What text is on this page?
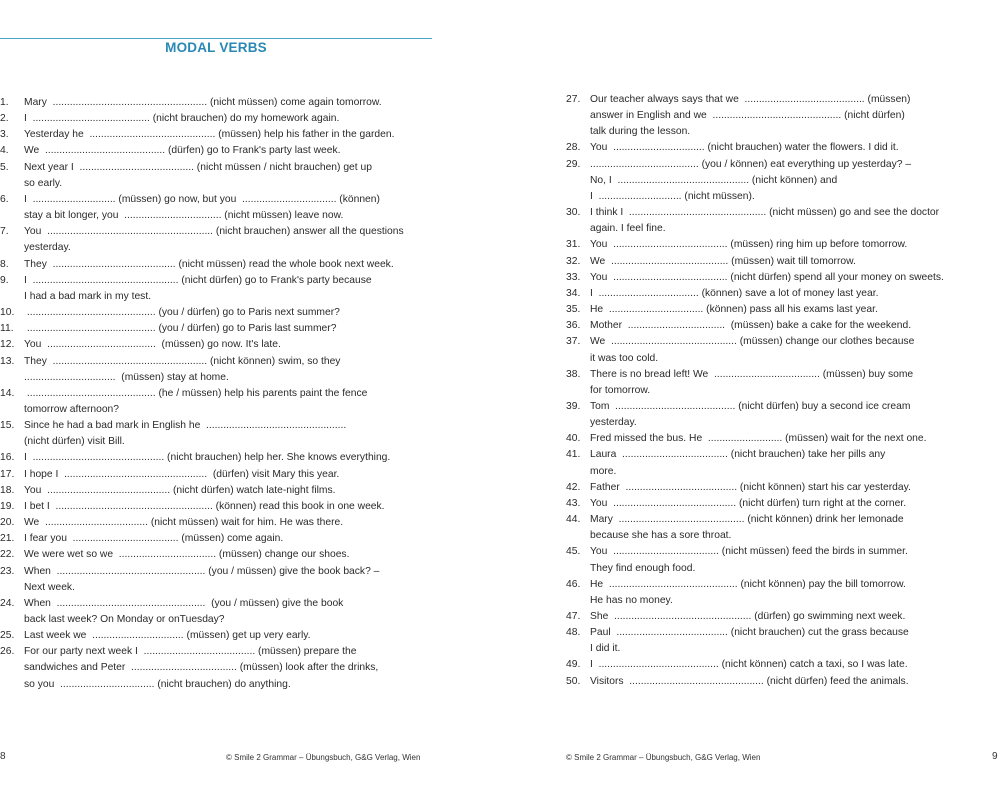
MODAL VERBS
1. Mary  ...................................................... (nicht müssen) come again tomorrow.
2. I  ......................................... (nicht brauchen) do my homework again.
3. Yesterday he  ............................................ (müssen) help his father in the garden.
4. We  .......................................... (dürfen) go to Frank's party last week.
5. Next year I  ........................................ (nicht müssen / nicht brauchen) get up
so early.
6. I  ............................. (müssen) go now, but you  ................................. (können)
stay a bit longer, you  .................................. (nicht müssen) leave now.
7. You  .......................................................... (nicht brauchen) answer all the questions
yesterday.
8. They  ........................................... (nicht müssen) read the whole book next week.
9. I  ................................................... (nicht dürfen) go to Frank's party because
I had a bad mark in my test.
10. ............................................. (you / dürfen) go to Paris next summer?
11. ............................................. (you / dürfen) go to Paris last summer?
12. You  ......................................  (müssen) go now. It's late.
13. They  ...................................................... (nicht können) swim, so they
................................  (müssen) stay at home.
14. ............................................. (he / müssen) help his parents paint the fence
tomorrow afternoon?
15. Since he had a bad mark in English he  .................................................
(nicht dürfen) visit Bill.
16. I  .............................................. (nicht brauchen) help her. She knows everything.
17. I hope I  ..................................................  (dürfen) visit Mary this year.
18. You  ........................................... (nicht dürfen) watch late-night films.
19. I bet I  ....................................................... (können) read this book in one week.
20. We  .................................... (nicht müssen) wait for him. He was there.
21. I fear you  ..................................... (müssen) come again.
22. We were wet so we  .................................. (müssen) change our shoes.
23. When  .................................................... (you / müssen) give the book back? –
Next week.
24. When  ....................................................  (you / müssen) give the book
back last week? On Monday or onTuesday?
25. Last week we  ................................ (müssen) get up very early.
26. For our party next week I  ....................................... (müssen) prepare the
sandwiches and Peter  ..................................... (müssen) look after the drinks,
so you  ................................. (nicht brauchen) do anything.
27. Our teacher always says that we  .......................................... (müssen)
answer in English and we  ............................................. (nicht dürfen)
talk during the lesson.
28. You  ................................ (nicht brauchen) water the flowers. I did it.
29. ...................................... (you / können) eat everything up yesterday? –
No, I  .............................................. (nicht können) and
I  ............................. (nicht müssen).
30. I think I  ................................................ (nicht müssen) go and see the doctor
again. I feel fine.
31. You  ........................................ (müssen) ring him up before tomorrow.
32. We  ......................................... (müssen) wait till tomorrow.
33. You  ........................................ (nicht dürfen) spend all your money on sweets.
34. I  ................................... (können) save a lot of money last year.
35. He  ................................. (können) pass all his exams last year.
36. Mother  ..................................  (müssen) bake a cake for the weekend.
37. We  ............................................ (müssen) change our clothes because
it was too cold.
38. There is no bread left! We  ..................................... (müssen) buy some
for tomorrow.
39. Tom  .......................................... (nicht dürfen) buy a second ice cream
yesterday.
40. Fred missed the bus. He  .......................... (müssen) wait for the next one.
41. Laura  ..................................... (nicht brauchen) take her pills any
more.
42. Father  ....................................... (nicht können) start his car yesterday.
43. You  ........................................... (nicht dürfen) turn right at the corner.
44. Mary  ............................................ (nicht können) drink her lemonade
because she has a sore throat.
45. You  ..................................... (nicht müssen) feed the birds in summer.
They find enough food.
46. He  ............................................. (nicht können) pay the bill tomorrow.
He has no money.
47. She  ................................................ (dürfen) go swimming next week.
48. Paul  ....................................... (nicht brauchen) cut the grass because
I did it.
49. I  .......................................... (nicht können) catch a taxi, so I was late.
50. Visitors  ............................................... (nicht dürfen) feed the animals.
8	© Smile 2 Grammar – Übungsbuch, G&G Verlag, Wien	© Smile 2 Grammar – Übungsbuch, G&G Verlag, Wien	9
